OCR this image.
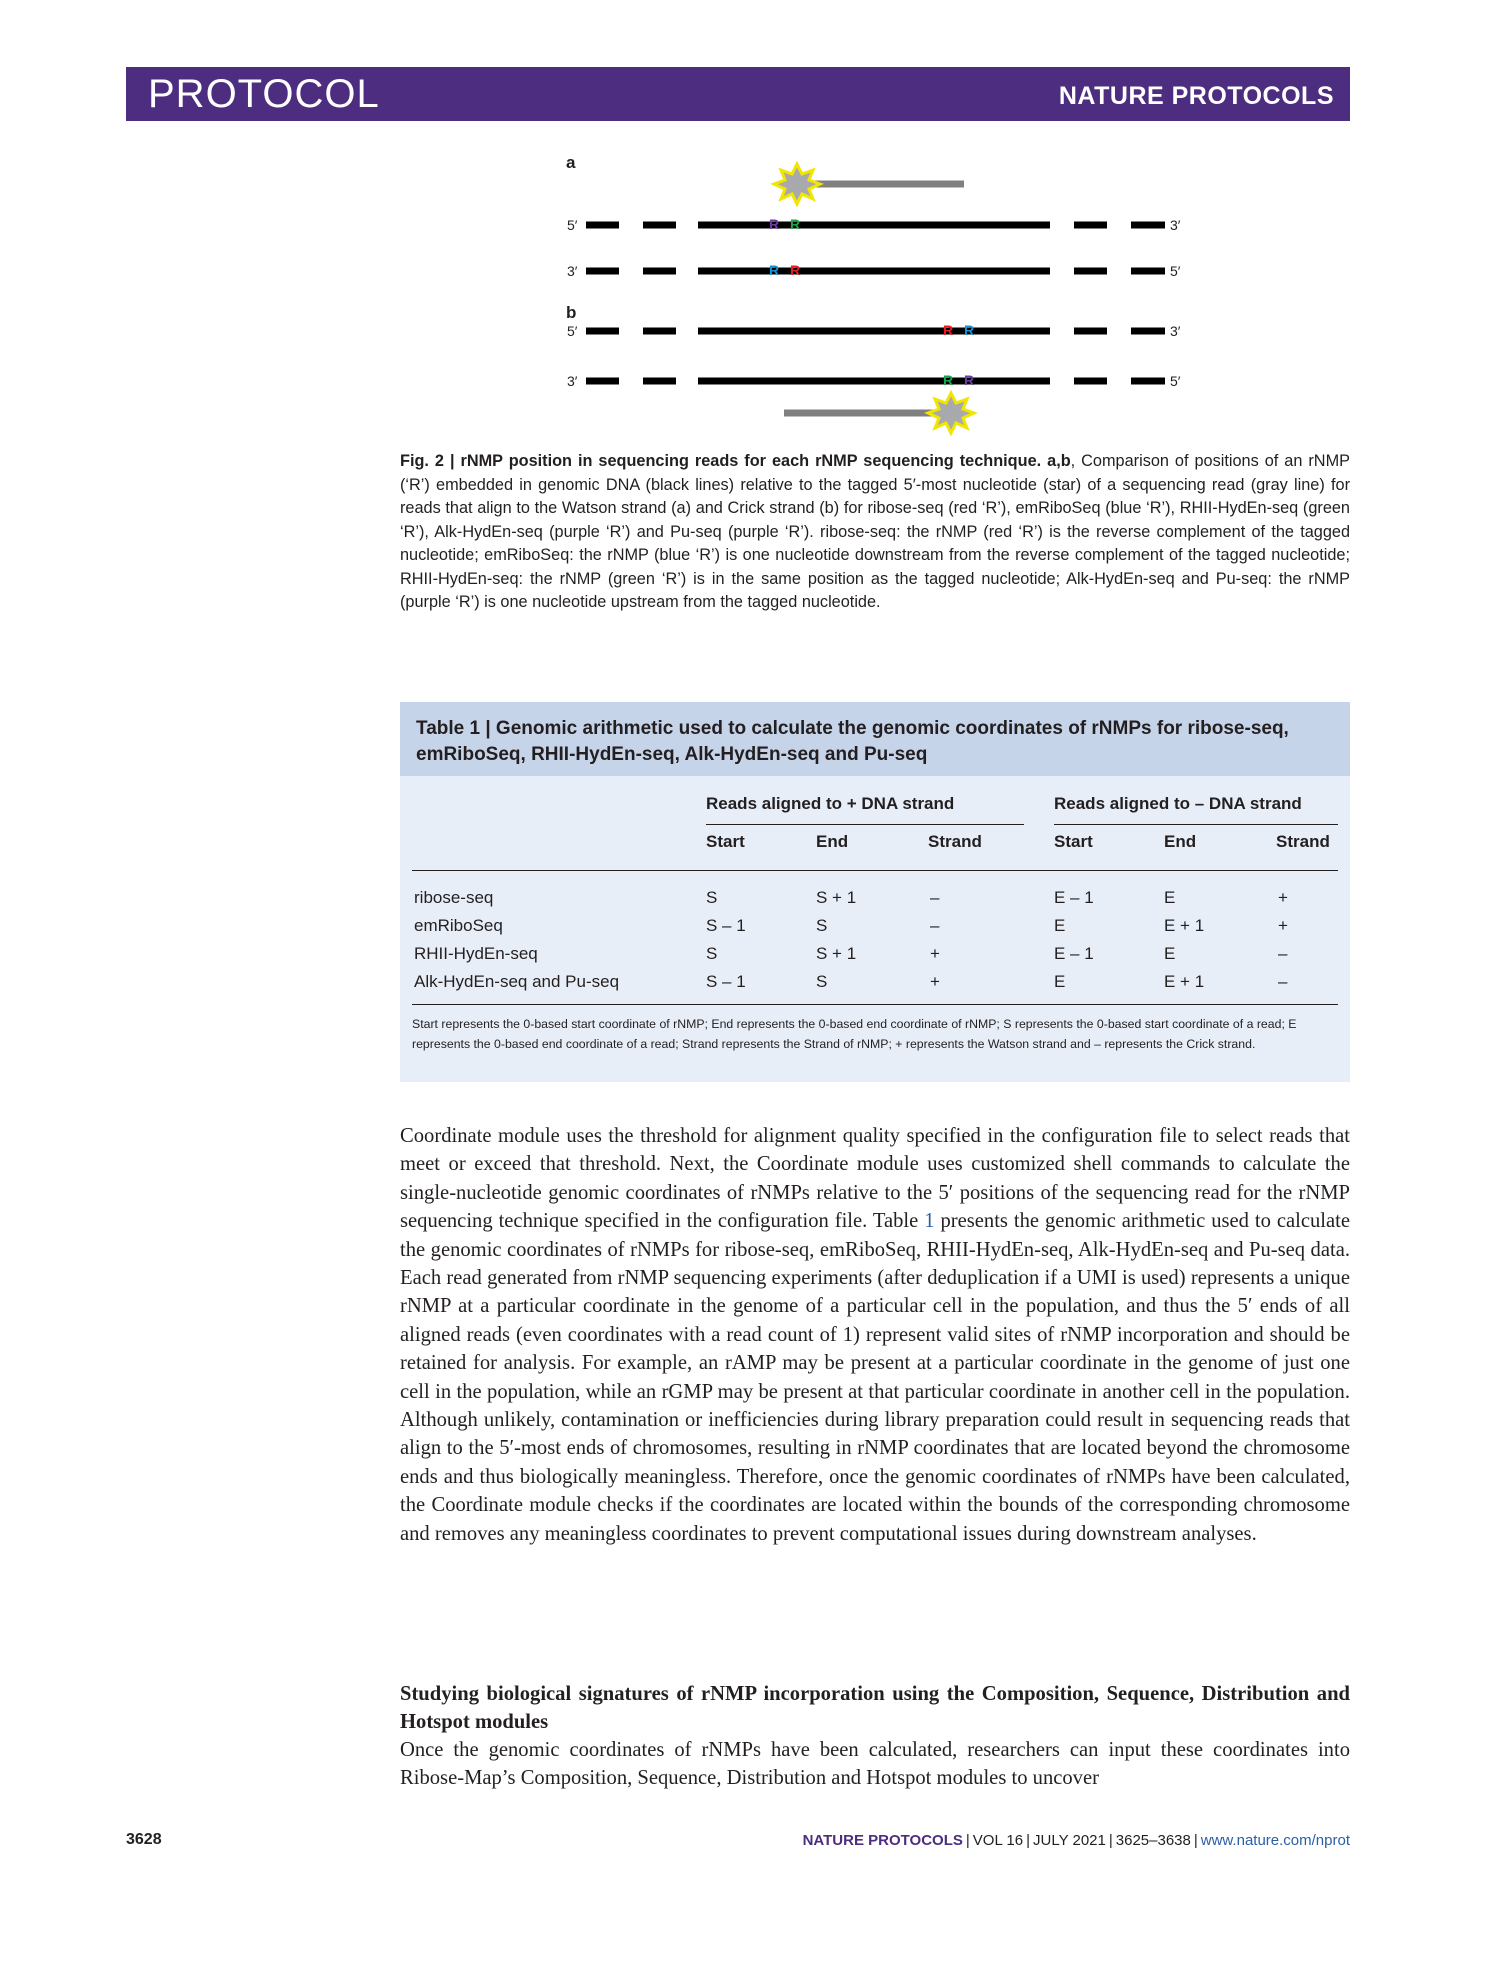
PROTOCOL	NATURE PROTOCOLS
a
b
5′	3′
R R
3′	5′
R R
5′	3′
R R
3′	5′
R R
Fig. 2 | rNMP position in sequencing reads for each rNMP sequencing technique. a,b, Comparison of positions of an rNMP (‘R’) embedded in genomic DNA (black lines) relative to the tagged 5′-most nucleotide (star) of a sequencing read (gray line) for reads that align to the Watson strand (a) and Crick strand (b) for ribose-seq (red ‘R’), emRiboSeq (blue ‘R’), RHII-HydEn-seq (green ‘R’), Alk-HydEn-seq (purple ‘R’) and Pu-seq (purple ‘R’). ribose-seq: the rNMP (red ‘R’) is the reverse complement of the tagged nucleotide; emRiboSeq: the rNMP (blue ‘R’) is one nucleotide downstream from the reverse complement of the tagged nucleotide; RHII-HydEn-seq: the rNMP (green ‘R’) is in the same position as the tagged nucleotide; Alk-HydEn-seq and Pu-seq: the rNMP (purple ‘R’) is one nucleotide upstream from the tagged nucleotide.
Table 1 | Genomic arithmetic used to calculate the genomic coordinates of rNMPs for ribose-seq, emRiboSeq, RHII-HydEn-seq, Alk-HydEn-seq and Pu-seq
Reads aligned to + DNA strand	Reads aligned to – DNA strand
Start	End	Strand	Start	End	Strand
ribose-seq	S	S + 1	–	E – 1	E	+
emRiboSeq	S – 1	S	–	E	E + 1	+
RHII-HydEn-seq	S	S + 1	+	E – 1	E	–
Alk-HydEn-seq and Pu-seq	S – 1	S	+	E	E + 1	–
Start represents the 0-based start coordinate of rNMP; End represents the 0-based end coordinate of rNMP; S represents the 0-based start coordinate of a read; E represents the 0-based end coordinate of a read; Strand represents the Strand of rNMP; + represents the Watson strand and – represents the Crick strand.
Coordinate module uses the threshold for alignment quality specified in the configuration file to select reads that meet or exceed that threshold. Next, the Coordinate module uses customized shell commands to calculate the single-nucleotide genomic coordinates of rNMPs relative to the 5′ positions of the sequencing read for the rNMP sequencing technique specified in the configuration file. Table 1 presents the genomic arithmetic used to calculate the genomic coordinates of rNMPs for ribose-seq, emRiboSeq, RHII-HydEn-seq, Alk-HydEn-seq and Pu-seq data. Each read generated from rNMP sequencing experiments (after deduplication if a UMI is used) represents a unique rNMP at a particular coordinate in the genome of a particular cell in the population, and thus the 5′ ends of all aligned reads (even coordinates with a read count of 1) represent valid sites of rNMP incorporation and should be retained for analysis. For example, an rAMP may be present at a particular coordinate in the genome of just one cell in the population, while an rGMP may be present at that particular coordinate in another cell in the population. Although unlikely, contamination or inefficiencies during library preparation could result in sequencing reads that align to the 5′-most ends of chromosomes, resulting in rNMP coordinates that are located beyond the chromosome ends and thus biologically meaningless. Therefore, once the genomic coordinates of rNMPs have been calculated, the Coordinate module checks if the coordinates are located within the bounds of the corresponding chromosome and removes any meaningless coordinates to prevent computational issues during downstream analyses.
Studying biological signatures of rNMP incorporation using the Composition, Sequence, Distribution and Hotspot modules
Once the genomic coordinates of rNMPs have been calculated, researchers can input these coordinates into Ribose-Map’s Composition, Sequence, Distribution and Hotspot modules to uncover
3628	NATURE PROTOCOLS | VOL 16 | JULY 2021 | 3625–3638 | www.nature.com/nprot
